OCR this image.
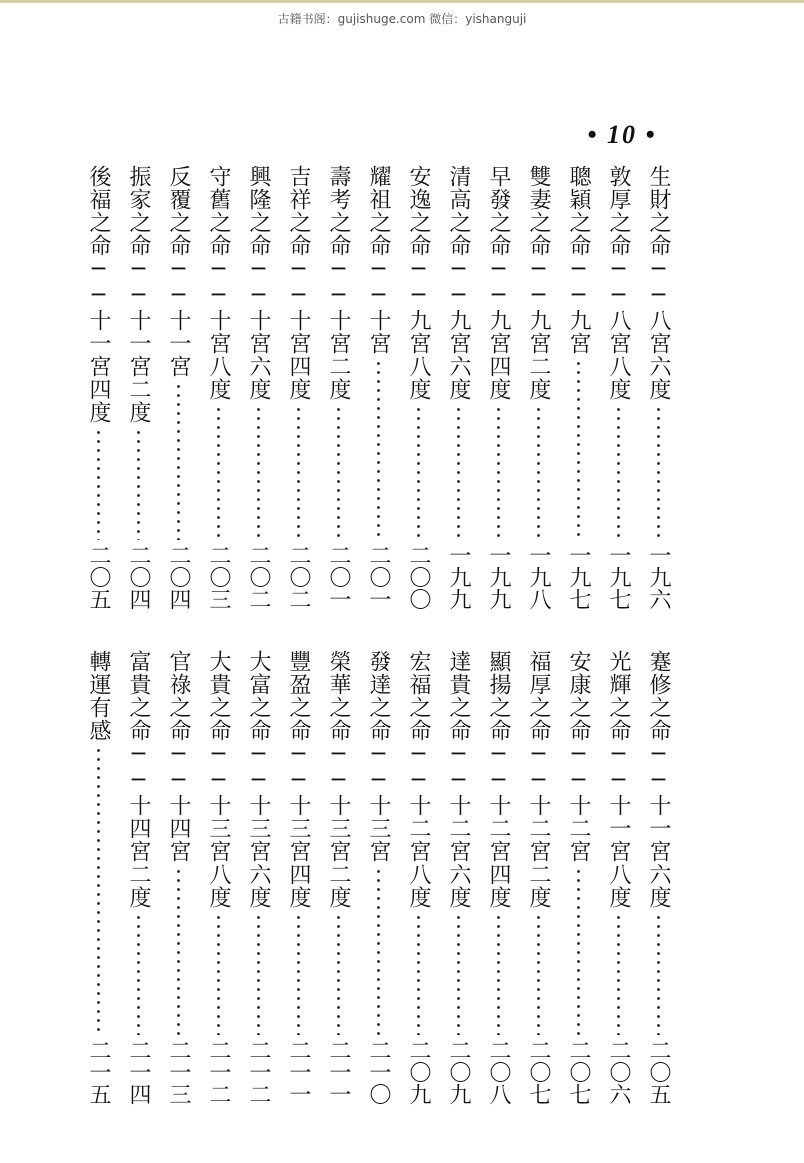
古籍书阁：gujishuge.com 微信：yishanguji
• 10 •
生財之命──八宮六度
一九六
敦厚之命──八宮八度
一九七
聰穎之命──九宮
一九七
雙妻之命──九宮二度
一九八
早發之命──九宮四度
一九九
清高之命──九宮六度
一九九
安逸之命──九宮八度
二〇〇
耀祖之命──十宮
二〇一
壽考之命──十宮二度
二〇一
吉祥之命──十宮四度
二〇二
興隆之命──十宮六度
二〇二
守舊之命──十宮八度
二〇三
反覆之命──十一宮
二〇四
振家之命──十一宮二度
二〇四
後福之命──十一宮四度
二〇五
蹇修之命──十一宮六度
二〇五
光輝之命──十一宮八度
二〇六
安康之命──十二宮
二〇七
福厚之命──十二宮二度
二〇七
顯揚之命──十二宮四度
二〇八
達貴之命──十二宮六度
二〇九
宏福之命──十二宮八度
二〇九
發達之命──十三宮
二一〇
榮華之命──十三宮二度
二一一
豐盈之命──十三宮四度
二一一
大富之命──十三宮六度
二一二
大貴之命──十三宮八度
二一二
官祿之命──十四宮
二一三
富貴之命──十四宮二度
二一四
轉運有感
二一五
